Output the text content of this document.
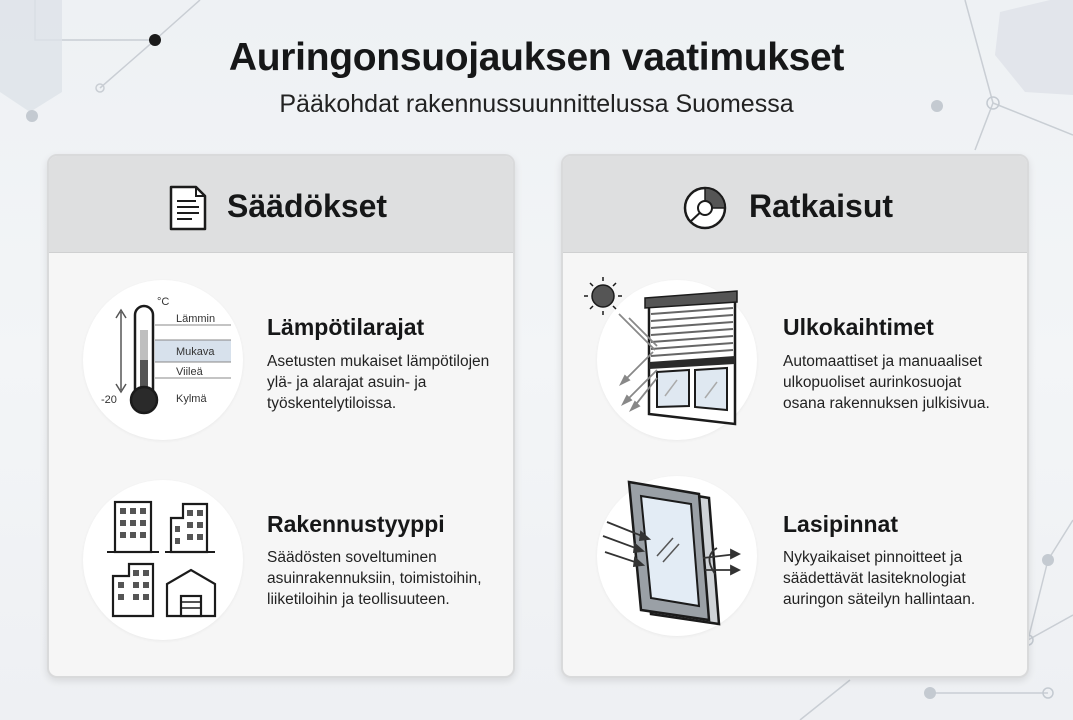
Auringonsuojauksen vaatimukset
Pääkohdat rakennussuunnittelussa Suomessa
Säädökset
°C
Lämmin
Mukava
Viileä
-20	Kylmä
Lämpötilarajat
Asetusten mukaiset lämpötilojen ylä- ja alarajat asuin- ja työskentelytiloissa.
Rakennustyyppi
Säädösten soveltuminen asuinrakennuksiin, toimistoihin, liiketiloihin ja teollisuuteen.
Ratkaisut
Ulkokaihtimet
Automaattiset ja manuaaliset ulkopuoliset aurinkosuojat osana rakennuksen julkisivua.
Lasipinnat
Nykyaikaiset pinnoitteet ja säädettävät lasiteknologiat auringon säteilyn hallintaan.
